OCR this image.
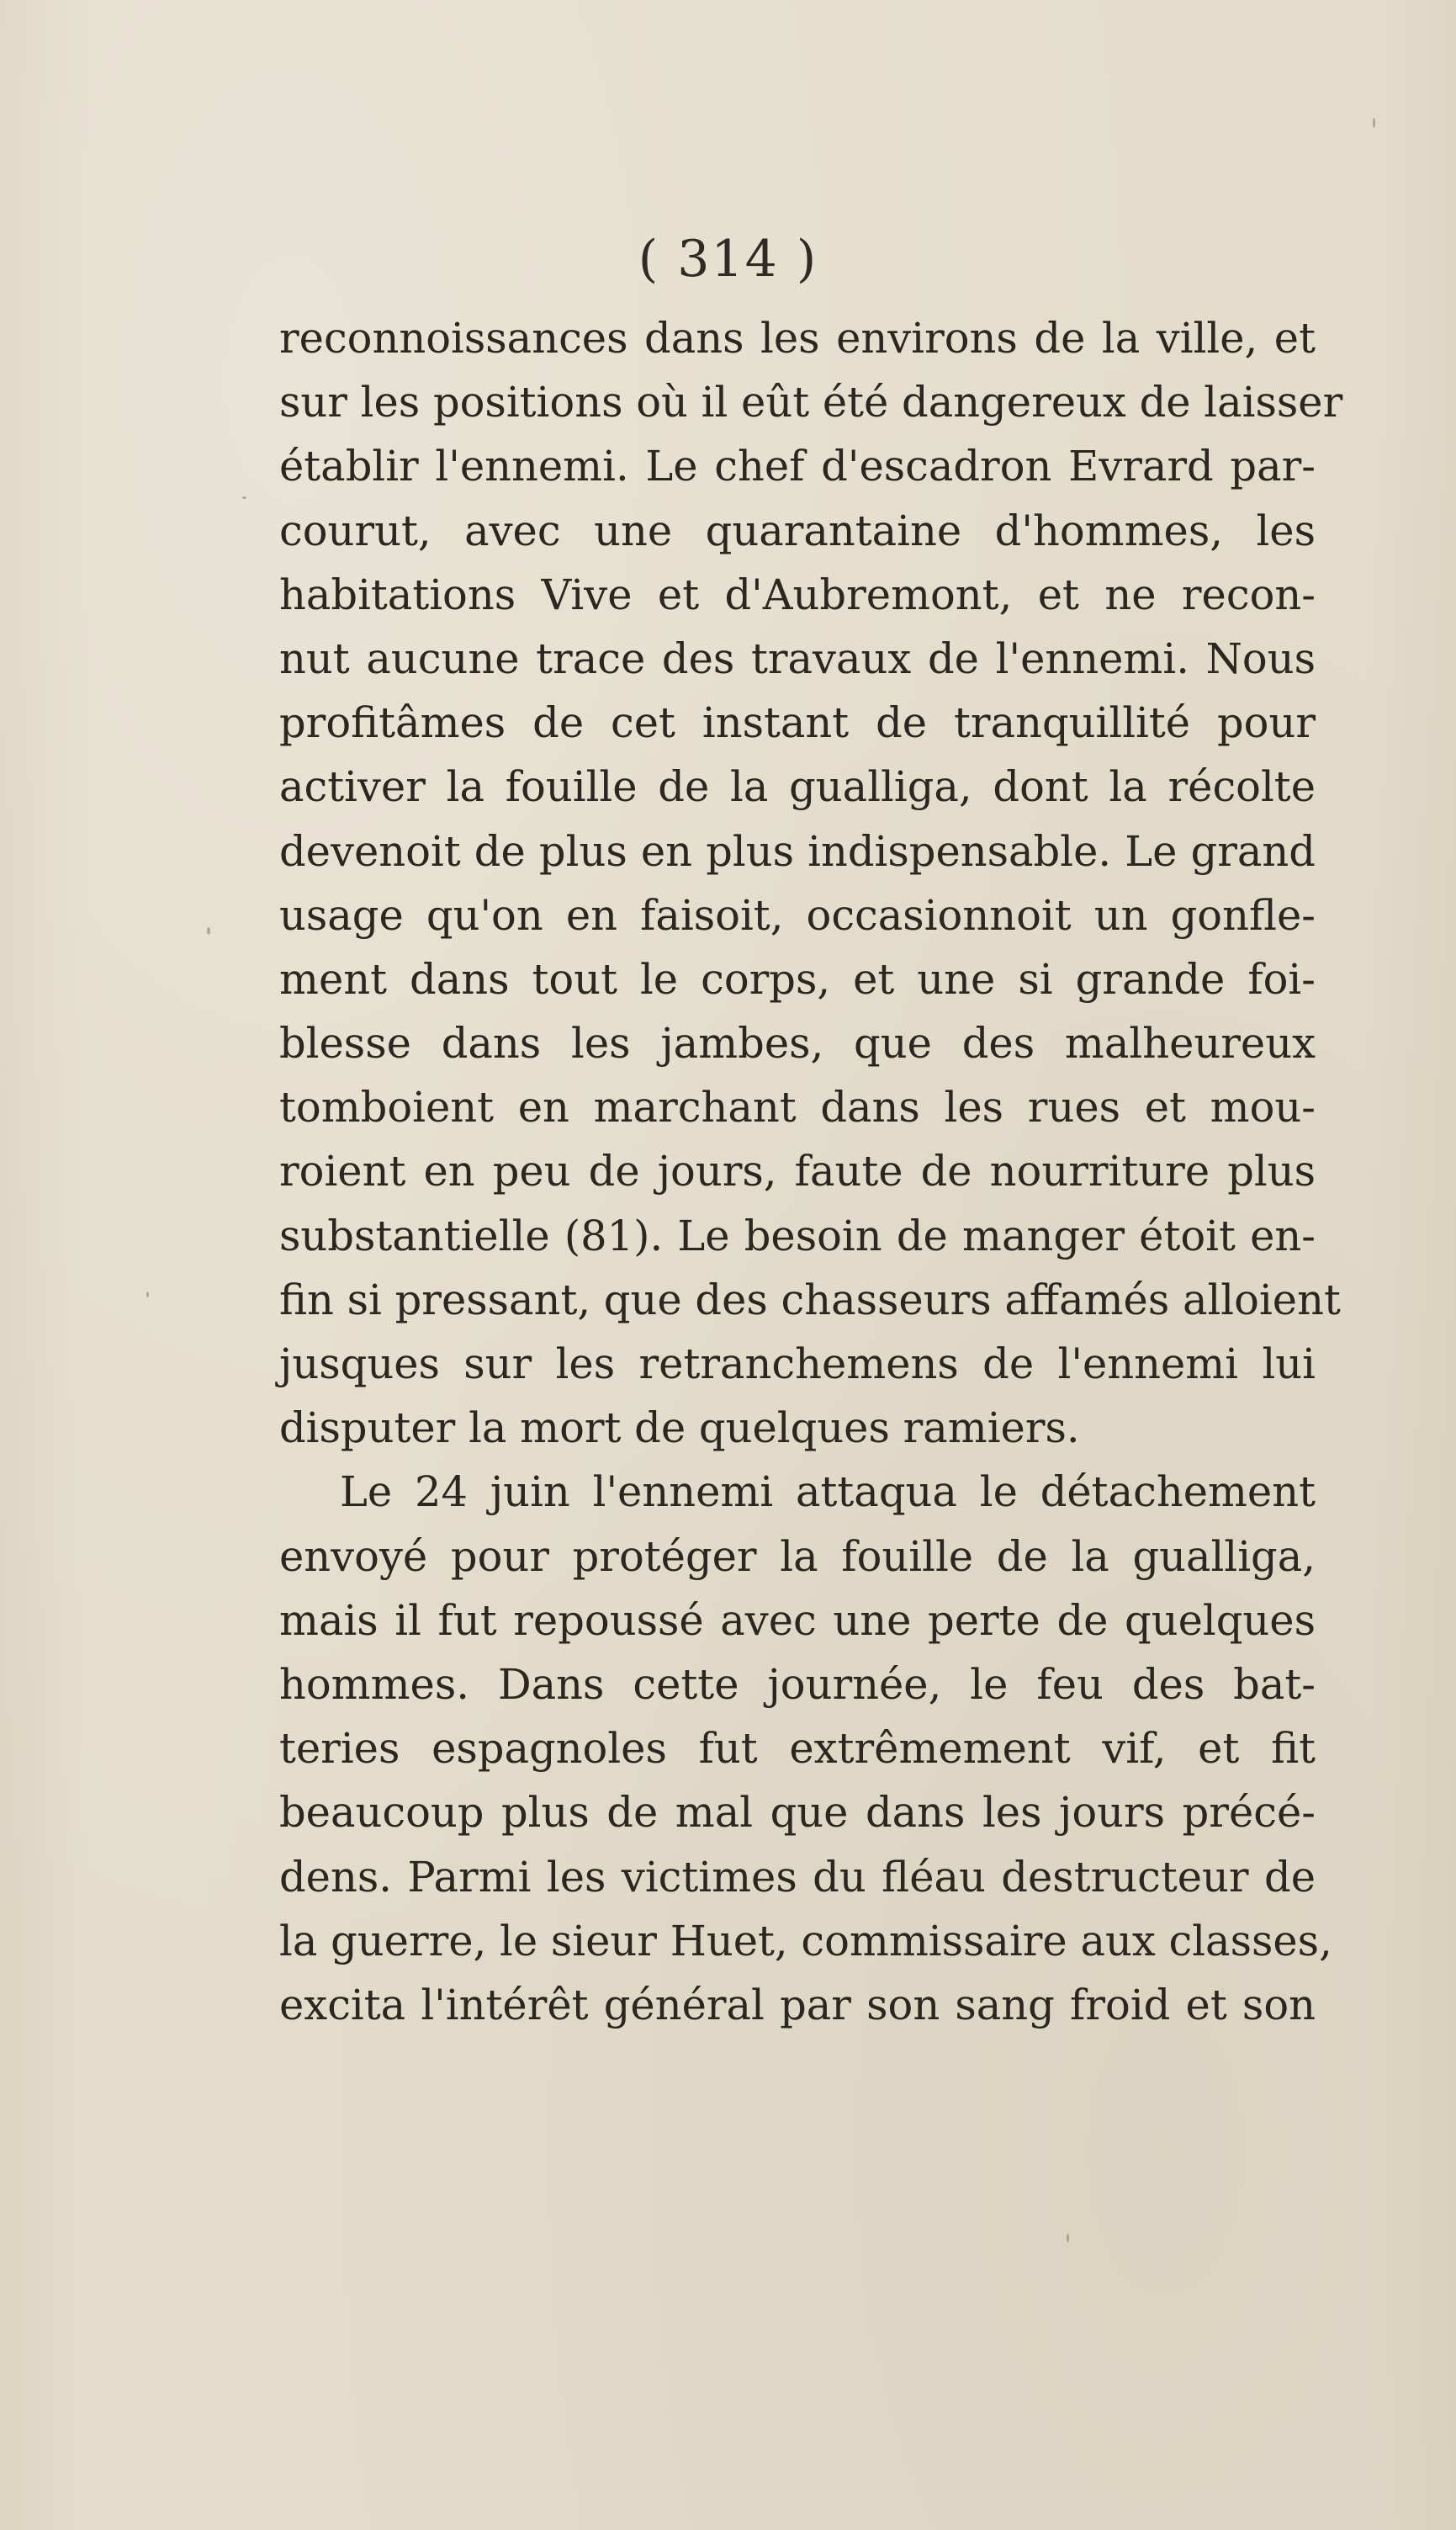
( 314 )
reconnoissances dans les environs de la ville, et
sur les positions où il eût été dangereux de laisser
établir l'ennemi. Le chef d'escadron Evrard par-
courut, avec une quarantaine d'hommes, les
habitations Vive et d'Aubremont, et ne recon-
nut aucune trace des travaux de l'ennemi. Nous
profitâmes de cet instant de tranquillité pour
activer la fouille de la gualliga, dont la récolte
devenoit de plus en plus indispensable. Le grand
usage qu'on en faisoit, occasionnoit un gonfle-
ment dans tout le corps, et une si grande foi-
blesse dans les jambes, que des malheureux
tomboient en marchant dans les rues et mou-
roient en peu de jours, faute de nourriture plus
substantielle (81). Le besoin de manger étoit en-
fin si pressant, que des chasseurs affamés alloient
jusques sur les retranchemens de l'ennemi lui
disputer la mort de quelques ramiers.
Le 24 juin l'ennemi attaqua le détachement
envoyé pour protéger la fouille de la gualliga,
mais il fut repoussé avec une perte de quelques
hommes. Dans cette journée, le feu des bat-
teries espagnoles fut extrêmement vif, et fit
beaucoup plus de mal que dans les jours précé-
dens. Parmi les victimes du fléau destructeur de
la guerre, le sieur Huet, commissaire aux classes,
excita l'intérêt général par son sang froid et son
